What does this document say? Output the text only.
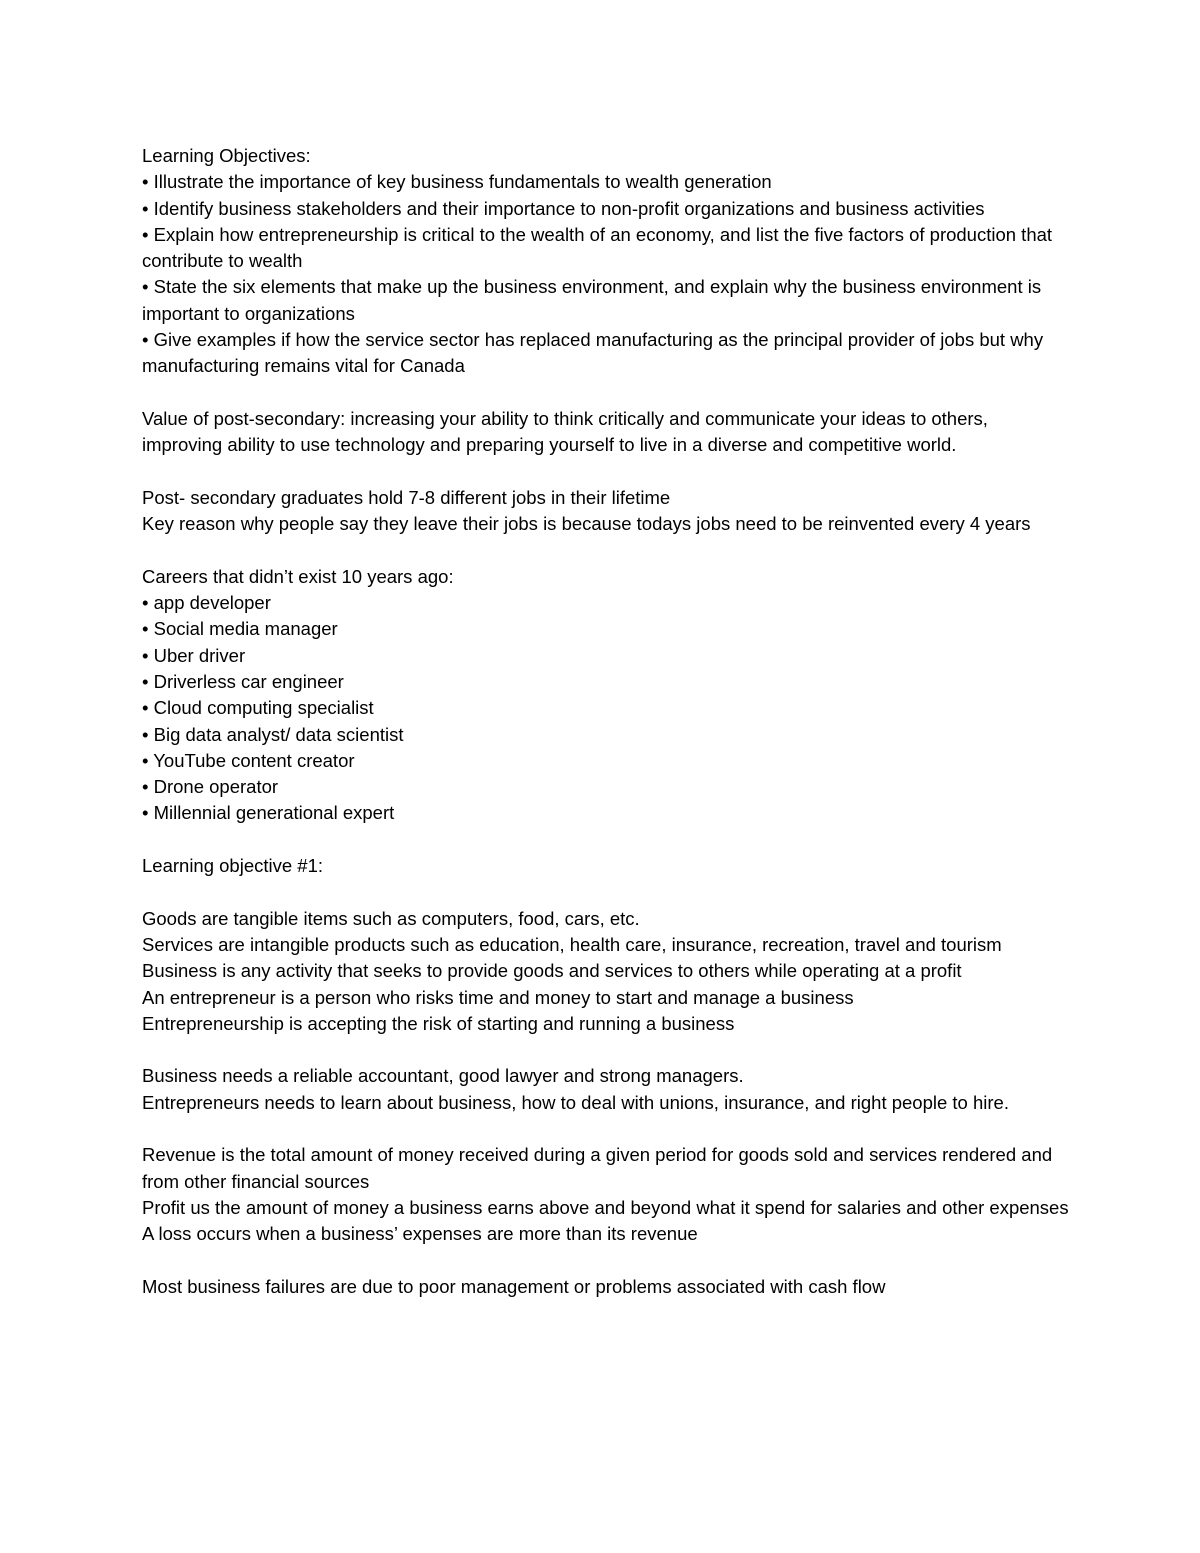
Learning Objectives:
• Illustrate the importance of key business fundamentals to wealth generation
• Identify business stakeholders and their importance to non-profit organizations and business activities
• Explain how entrepreneurship is critical to the wealth of an economy, and list the five factors of production that contribute to wealth
• State the six elements that make up the business environment, and explain why the business environment is important to organizations
• Give examples if how the service sector has replaced manufacturing as the principal provider of jobs but why manufacturing remains vital for Canada
Value of post-secondary: increasing your ability to think critically and communicate your ideas to others, improving ability to use technology and preparing yourself to live in a diverse and competitive world.
Post- secondary graduates hold 7-8 different jobs in their lifetime
Key reason why people say they leave their jobs is because todays jobs need to be reinvented every 4 years
Careers that didn’t exist 10 years ago:
• app developer
• Social media manager
• Uber driver
• Driverless car engineer
• Cloud computing specialist
• Big data analyst/ data scientist
• YouTube content creator
• Drone operator
• Millennial generational expert
Learning objective #1:
Goods are tangible items such as computers, food, cars, etc.
Services are intangible products such as education, health care, insurance, recreation, travel and tourism
Business is any activity that seeks to provide goods and services to others while operating at a profit
An entrepreneur is a person who risks time and money to start and manage a business
Entrepreneurship is accepting the risk of starting and running a business
Business needs a reliable accountant, good lawyer and strong managers.
Entrepreneurs needs to learn about business, how to deal with unions, insurance, and right people to hire.
Revenue is the total amount of money received during a given period for goods sold and services rendered and from other financial sources
Profit us the amount of money a business earns above and beyond what it spend for salaries and other expenses
A loss occurs when a business’ expenses are more than its revenue
Most business failures are due to poor management or problems associated with cash flow
